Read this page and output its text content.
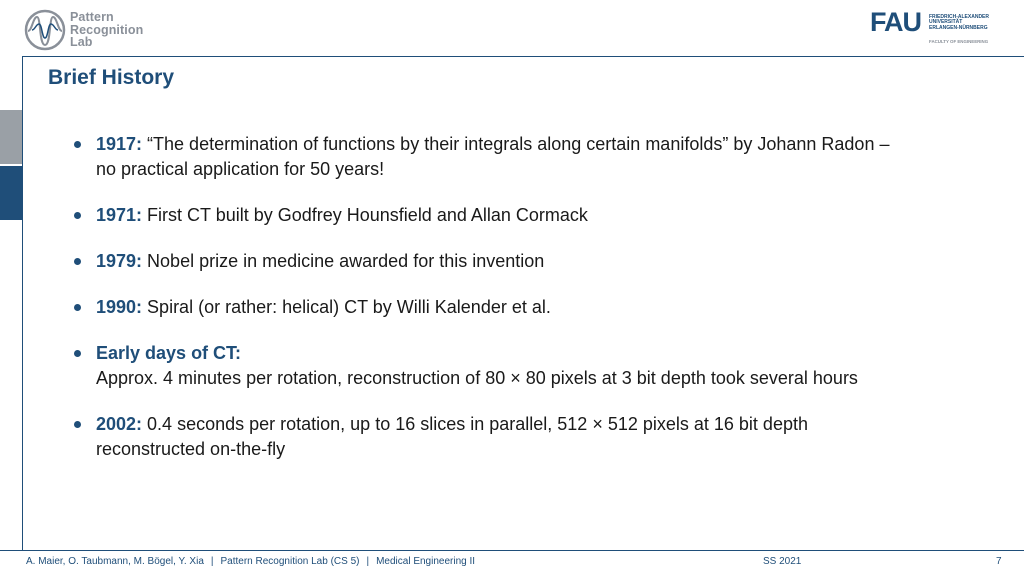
Pattern
Recognition
Lab
FAU FRIEDRICH-ALEXANDER
UNIVERSITÄT
ERLANGEN-NÜRNBERG
FACULTY OF ENGINEERING
Brief History
1917: “The determination of functions by their integrals along certain manifolds” by Johann Radon –
no practical application for 50 years!
1971: First CT built by Godfrey Hounsfield and Allan Cormack
1979: Nobel prize in medicine awarded for this invention
1990: Spiral (or rather: helical) CT by Willi Kalender et al.
Early days of CT:
Approx. 4 minutes per rotation, reconstruction of 80 × 80 pixels at 3 bit depth took several hours
2002: 0.4 seconds per rotation, up to 16 slices in parallel, 512 × 512 pixels at 16 bit depth
reconstructed on-the-fly
A. Maier, O. Taubmann, M. Bögel, Y. Xia | Pattern Recognition Lab (CS 5) | Medical Engineering II	SS 2021	7
